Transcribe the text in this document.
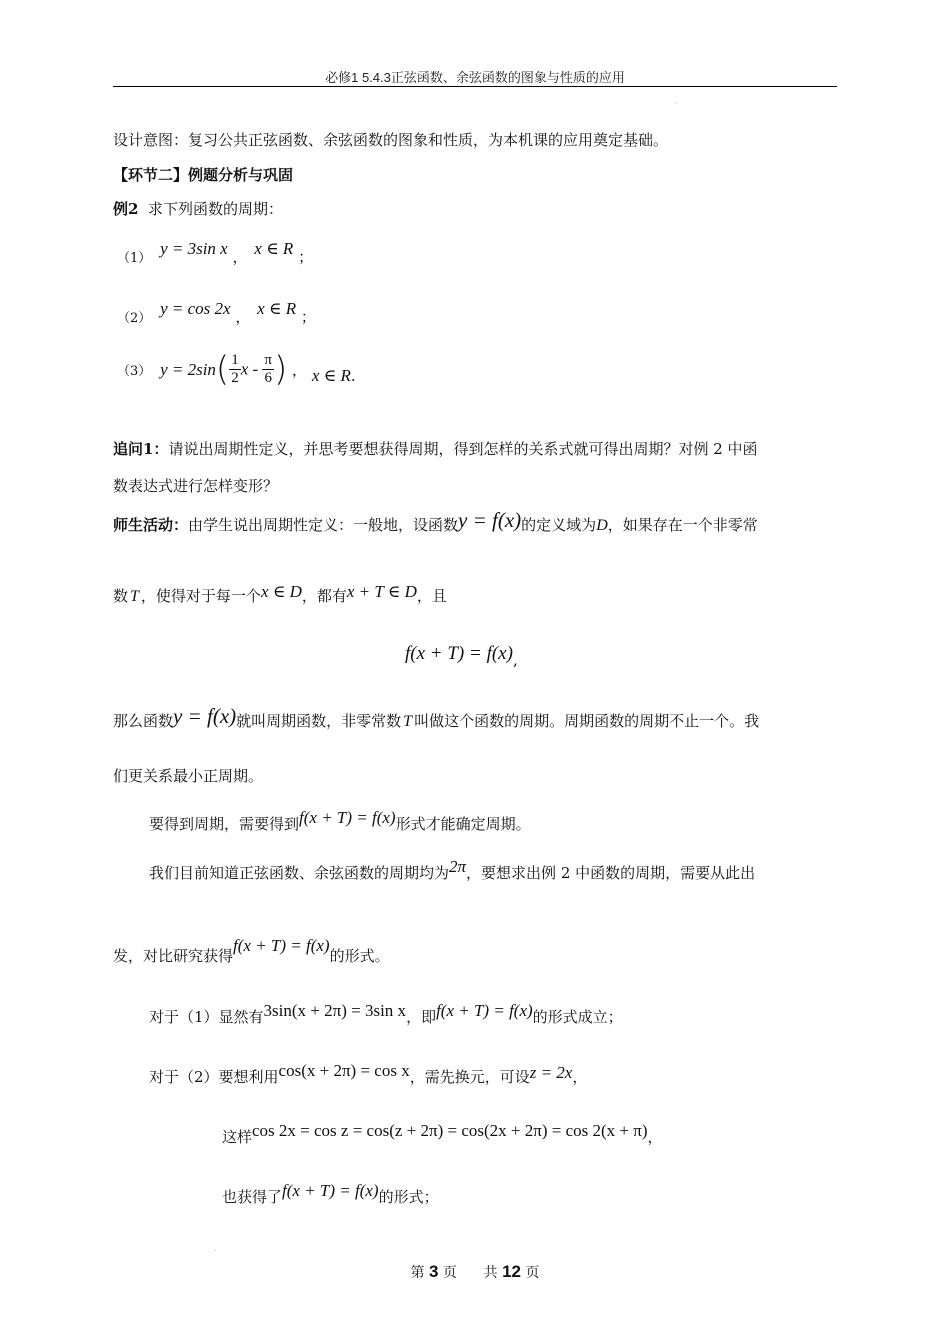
必修1 5.4.3正弦函数、余弦函数的图象与性质的应用
·
设计意图：复习公共正弦函数、余弦函数的图象和性质，为本机课的应用奠定基础。
【环节二】例题分析与巩固
例2 求下列函数的周期：
（1） y = 3sin x ， x ∈ R ；
（2） y = cos 2x ， x ∈ R ；
（3） $y = 2\sin( \frac{1}{2}$ x - $\frac{\pi}{6}$ ) ， x ∈ R.
追问1：请说出周期性定义，并思考要想获得周期，得到怎样的关系式就可得出周期？对例 2 中函
数表达式进行怎样变形？
师生活动：由学生说出周期性定义：一般地，设函数y = f(x)的定义域为D，如果存在一个非零常
数 T ，使得对于每一个x ∈ D，都有x + T ∈ D，且
f(x + T) = f(x),
那么函数y = f(x)就叫周期函数，非零常数 T 叫做这个函数的周期。周期函数的周期不止一个。我
们更关系最小正周期。
要得到周期，需要得到f(x + T) = f(x)形式才能确定周期。
我们目前知道正弦函数、余弦函数的周期均为2π，要想求出例 2 中函数的周期，需要从此出
发，对比研究获得f(x + T) = f(x)的形式。
对于（1）显然有3sin(x + 2π) = 3sin x，即f(x + T) = f(x)的形式成立；
对于（2）要想利用cos(x + 2π) = cos x，需先换元，可设z = 2x，
这样cos 2x = cos z = cos(z + 2π) = cos(2x + 2π) = cos 2(x + π)，
也获得了f(x + T) = f(x)的形式；
·
第 3 页      共 12 页
